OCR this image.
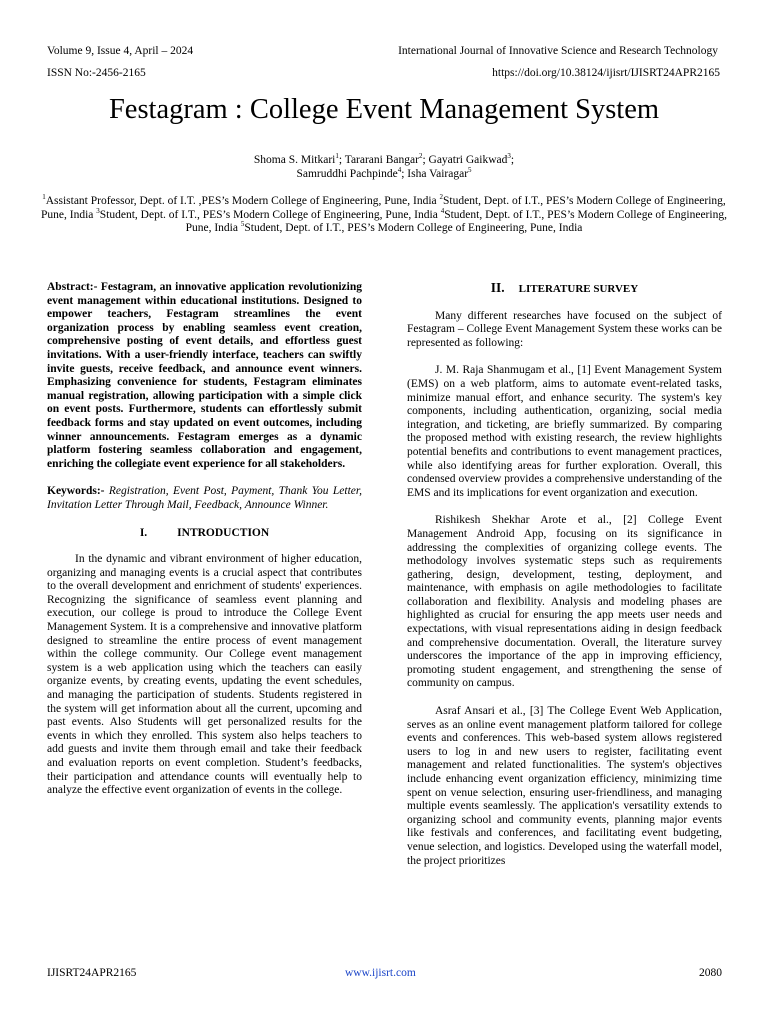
Volume 9, Issue 4, April – 2024	International Journal of Innovative Science and Research Technology
ISSN No:-2456-2165	https://doi.org/10.38124/ijisrt/IJISRT24APR2165
Festagram : College Event Management System
Shoma S. Mitkari$^1$; Tararani Bangar$^2$; Gayatri Gaikwad$^3$;
Samruddhi Pachpinde$^4$; Isha Vairagar$^5$
$^1$Assistant Professor, Dept. of I.T. ,PES’s Modern College of Engineering, Pune, India $^2$Student, Dept. of I.T., PES’s Modern College of Engineering, Pune, India $^3$Student, Dept. of I.T., PES’s Modern College of Engineering, Pune, India $^4$Student, Dept. of I.T., PES’s Modern College of Engineering, Pune, India $^5$Student, Dept. of I.T., PES’s Modern College of Engineering, Pune, India

Abstract:- Festagram, an innovative application revolutionizing event management within educational institutions. Designed to empower teachers, Festagram streamlines the event organization process by enabling seamless event creation, comprehensive posting of event details, and effortless guest invitations. With a user-friendly interface, teachers can swiftly invite guests, receive feedback, and announce event winners. Emphasizing convenience for students, Festagram eliminates manual registration, allowing participation with a simple click on event posts. Furthermore, students can effortlessly submit feedback forms and stay updated on event outcomes, including winner announcements. Festagram emerges as a dynamic platform fostering seamless collaboration and engagement, enriching the collegiate event experience for all stakeholders.

Keywords:- Registration, Event Post, Payment, Thank You Letter, Invitation Letter Through Mail, Feedback, Announce Winner.

I.	INTRODUCTION

In the dynamic and vibrant environment of higher education, organizing and managing events is a crucial aspect that contributes to the overall development and enrichment of students' experiences. Recognizing the significance of seamless event planning and execution, our college is proud to introduce the College Event Management System. It is a comprehensive and innovative platform designed to streamline the entire process of event management within the college community. Our College event management system is a web application using which the teachers can easily organize events, by creating events, updating the event schedules, and managing the participation of students. Students registered in the system will get information about all the current, upcoming and past events. Also Students will get personalized results for the events in which they enrolled. This system also helps teachers to add guests and invite them through email and take their feedback and evaluation reports on event completion. Student’s feedbacks, their participation and attendance counts will eventually help to analyze the effective event organization of events in the college.

II. LITERATURE SURVEY

Many different researches have focused on the subject of Festagram – College Event Management System these works can be represented as following:

J. M. Raja Shanmugam et al., [1] Event Management System (EMS) on a web platform, aims to automate event-related tasks, minimize manual effort, and enhance security. The system's key components, including authentication, organizing, social media integration, and ticketing, are briefly summarized. By comparing the proposed method with existing research, the review highlights potential benefits and contributions to event management practices, while also identifying areas for further exploration. Overall, this condensed overview provides a comprehensive understanding of the EMS and its implications for event organization and execution.

Rishikesh Shekhar Arote et al., [2] College Event Management Android App, focusing on its significance in addressing the complexities of organizing college events. The methodology involves systematic steps such as requirements gathering, design, development, testing, deployment, and maintenance, with emphasis on agile methodologies to facilitate collaboration and flexibility. Analysis and modeling phases are highlighted as crucial for ensuring the app meets user needs and expectations, with visual representations aiding in design feedback and comprehensive documentation. Overall, the literature survey underscores the importance of the app in improving efficiency, promoting student engagement, and strengthening the sense of community on campus.

Asraf Ansari et al., [3] The College Event Web Application, serves as an online event management platform tailored for college events and conferences. This web-based system allows registered users to log in and new users to register, facilitating event management and related functionalities. The system's objectives include enhancing event organization efficiency, minimizing time spent on venue selection, ensuring user-friendliness, and managing multiple events seamlessly. The application's versatility extends to organizing school and community events, planning major events like festivals and conferences, and facilitating event budgeting, venue selection, and logistics. Developed using the waterfall model, the project prioritizes

IJISRT24APR2165	www.ijisrt.com	2080
